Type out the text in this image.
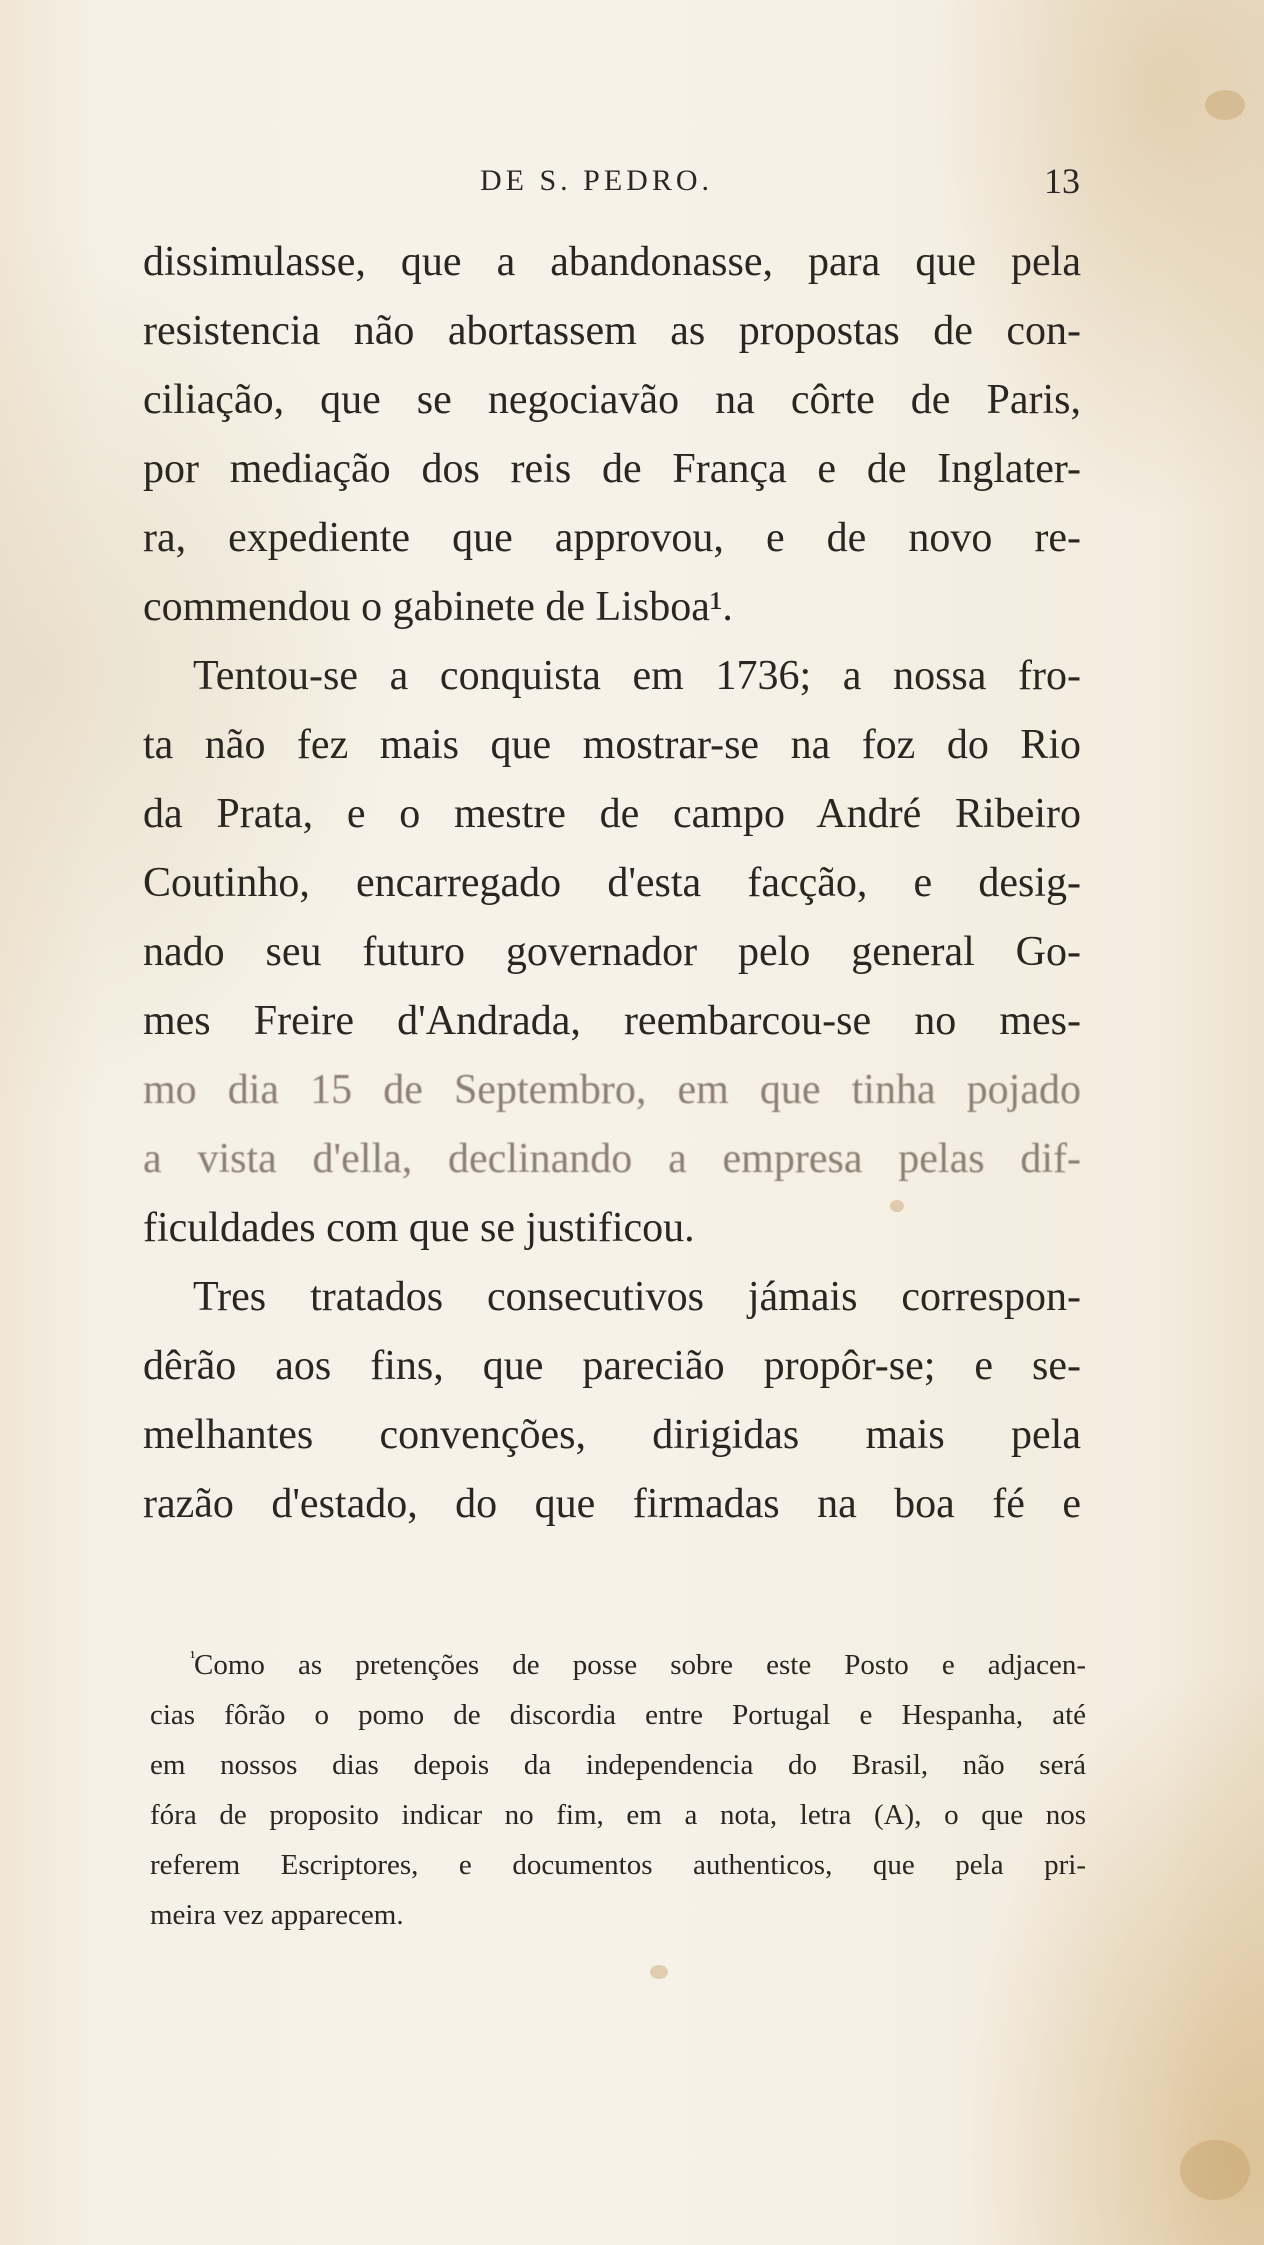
DE S. PEDRO.	13
dissimulasse, que a abandonasse, para que pela
resistencia não abortassem as propostas de con-
ciliação, que se negociavão na côrte de Paris,
por mediação dos reis de França e de Inglater-
ra, expediente que approvou, e de novo re-
commendou o gabinete de Lisboa¹.
Tentou-se a conquista em 1736; a nossa fro-
ta não fez mais que mostrar-se na foz do Rio
da Prata, e o mestre de campo André Ribeiro
Coutinho, encarregado d'esta facção, e desig-
nado seu futuro governador pelo general Go-
mes Freire d'Andrada, reembarcou-se no mes-
mo dia 15 de Septembro, em que tinha pojado
a vista d'ella, declinando a empresa pelas dif-
ficuldades com que se justificou.
Tres tratados consecutivos jámais correspon-
dêrão aos fins, que parecião propôr-se; e se-
melhantes convenções, dirigidas mais pela
razão d'estado, do que firmadas na boa fé e
¹
Como as pretenções de posse sobre este Posto e adjacen-
cias fôrão o pomo de discordia entre Portugal e Hespanha, até
em nossos dias depois da independencia do Brasil, não será
fóra de proposito indicar no fim, em a nota, letra (A), o que nos
referem Escriptores, e documentos authenticos, que pela pri-
meira vez apparecem.
